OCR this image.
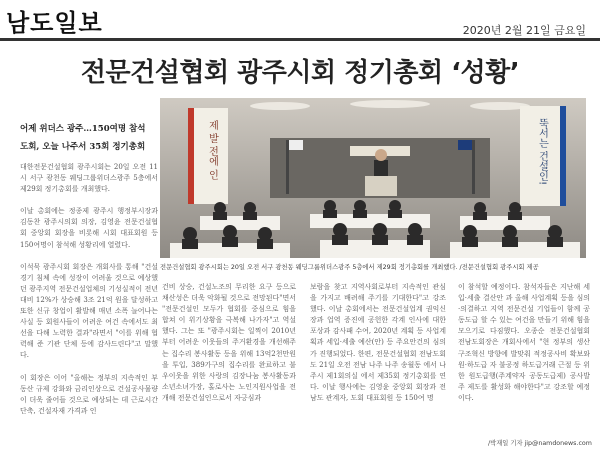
남도일보	2020년 2월 21일 금요일
전문건설협회 광주시회 정기총회 ‘성황’
어제 위더스 광주…150여명 참석
도회, 오늘 나주서 35회 정기총회

대한전문건설협회 광주시회는 20일 오전 11시 서구 광천동 웨딩그룹위더스광주 5층에서 제29회 정기총회를 개최했다.

이날 총회에는 정종제 광주시 행정부시장과 김동찬 광주시의회 의장, 김영윤 전문건설협회 중앙회 회장을 비롯해 시회 대표회원 등 150여명이 참석해 성황리에 열렸다.

이석묵 광주시회 회장은 개회사를 통해 "건설경기 침체 속에 성장이 어려울 것으로 예상했던 광주지역 전문건설업체의 기성실적이 전년대비 12%가 상승해 3조 21억 원을 달성하고 또한 신규 창업이 활발해 매년 소폭 늘어나는 사실 등 회원사들이 어려운 여건 속에서도 최선을 다해 노력한 결과"라면서 "이를 위해 협력해 준 기관 단체 등에 감사드린다"고 말했다.

이 회장은 이어 "올해는 정부의 지속적인 부동산 규제 강화와 금리인상으로 건설공사물량이 더욱 줄어들 것으로 예상되는 데 근로시간 단축, 건설자재 가격과 인

제 발 전에 인	뚝서는 건설인!
전문건설협회 광주시회는 20일 오전 서구 광천동 웨딩그룹위더스광주 5층에서 제29회 정기총회를 개최했다. /전문건설협회 광주시회 제공

건비 상승, 건설노조의 무리한 요구 등으로 채산성은 더욱 악화될 것으로 전망된다"면서 "전문건설인 모두가 협회를 중심으로 힘을 합쳐 이 위기상황을 극복해 나가자"고 역설했다. 그는 또 "광주시회는 일찍이 2010년부터 어려운 이웃들의 주거환경을 개선해주는 집수리 봉사활동 등을 위해 13억2천만원을 투입, 389가구의 집수리를 완료하고 불우이웃을 위한 사랑의 김장나눔 봉사활동과 소년소녀가장, 홀로사는 노인지원사업을 전개해 전문건설인으로서 자긍심과

보람을 찾고 지역사회로부터 지속적인 관심을 가지고 배려해 주기를 기대한다"고 강조했다. 이날 총회에서는 전문건설업계 권익신장과 업역 증진에 공헌한 각계 인사에 대한 포상과 감사패 수여, 2020년 계획 등 사업계획과 세입·세출 예산(안) 등 주요안건의 심의가 진행되었다. 한편, 전문건설협회 전남도회도 21일 오전 전남 나주 나주 송월동 에서 나주시 제1회의실 에서 제35회 정기총회를 연다. 이날 행사에는 김영윤 중앙회 회장과 전남도 관계자, 도회 대표회원 등 150여 명

이 참석할 예정이다. 참석자들은 지난해 세입·세출 결산안 과 올해 사업계획 등을 심의·의결하고 지역 전문건설 기업들이 함께 공동도급 할 수 있는 여건을 만들기 위해 힘을 모으기로 다짐했다. 오종순 전문건설협회 전남도회장은 개회사에서 "현 정부의 생산구조혁신 방향에 발맞춰 적정공사비 확보와 원·하도급 자 불공정 하도급거래 근절 등 위한 원도급행(주계약자 공동도급제) 공사발주 제도를 활성화 해야한다"고 강조할 예정이다.

/박재일 기자 jip@namdonews.com
